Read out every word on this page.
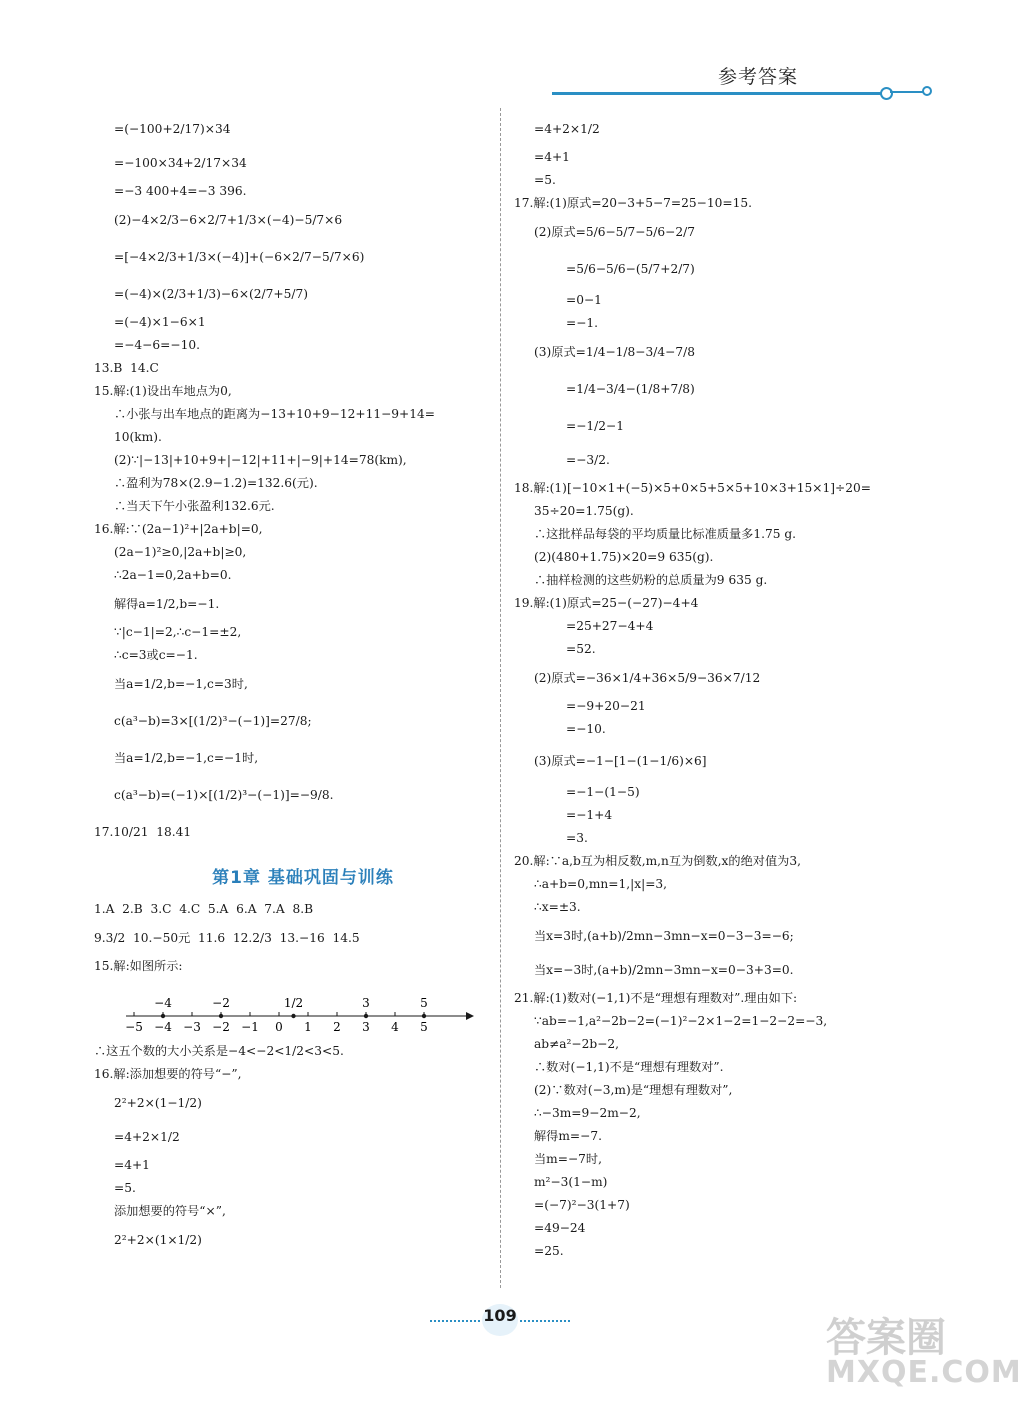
参考答案
=(−100+2/17)×34
=−100×34+2/17×34
=−3 400+4=−3 396.
(2)−4×2/3−6×2/7+1/3×(−4)−5/7×6
=[−4×2/3+1/3×(−4)]+(−6×2/7−5/7×6)
=(−4)×(2/3+1/3)−6×(2/7+5/7)
=(−4)×1−6×1
=−4−6=−10.
13.B  14.C
15.解:(1)设出车地点为0,
∴小张与出车地点的距离为−13+10+9−12+11−9+14=
10(km).
(2)∵|−13|+10+9+|−12|+11+|−9|+14=78(km),
∴盈利为78×(2.9−1.2)=132.6(元).
∴当天下午小张盈利132.6元.
16.解:∵(2a−1)²+|2a+b|=0,
(2a−1)²≥0,|2a+b|≥0,
∴2a−1=0,2a+b=0.
解得a=1/2,b=−1.
∵|c−1|=2,∴c−1=±2,
∴c=3或c=−1.
当a=1/2,b=−1,c=3时,
c(a³−b)=3×[(1/2)³−(−1)]=27/8;
当a=1/2,b=−1,c=−1时,
c(a³−b)=(−1)×[(1/2)³−(−1)]=−9/8.
17.10/21  18.41
第1章 基础巩固与训练
1.A  2.B  3.C  4.C  5.A  6.A  7.A  8.B
9.3/2  10.−50元  11.6  12.2/3  13.−16  14.5
15.解:如图所示:
−5 −4 −3 −2 −1 0 1 2 3 4 5
−4	−2	1/2	3	5
∴这五个数的大小关系是−4<−2<1/2<3<5.
16.解:添加想要的符号“−”,
2²+2×(1−1/2)
=4+2×1/2
=4+1
=5.
添加想要的符号“×”,
2²+2×(1×1/2)
=4+2×1/2
=4+1
=5.
17.解:(1)原式=20−3+5−7=25−10=15.
(2)原式=5/6−5/7−5/6−2/7
=5/6−5/6−(5/7+2/7)
=0−1
=−1.
(3)原式=1/4−1/8−3/4−7/8
=1/4−3/4−(1/8+7/8)
=−1/2−1
=−3/2.
18.解:(1)[−10×1+(−5)×5+0×5+5×5+10×3+15×1]÷20=
35÷20=1.75(g).
∴这批样品每袋的平均质量比标准质量多1.75 g.
(2)(480+1.75)×20=9 635(g).
∴抽样检测的这些奶粉的总质量为9 635 g.
19.解:(1)原式=25−(−27)−4+4
=25+27−4+4
=52.
(2)原式=−36×1/4+36×5/9−36×7/12
=−9+20−21
=−10.
(3)原式=−1−[1−(1−1/6)×6]
=−1−(1−5)
=−1+4
=3.
20.解:∵a,b互为相反数,m,n互为倒数,x的绝对值为3,
∴a+b=0,mn=1,|x|=3,
∴x=±3.
当x=3时,(a+b)/2mn−3mn−x=0−3−3=−6;
当x=−3时,(a+b)/2mn−3mn−x=0−3+3=0.
21.解:(1)数对(−1,1)不是“理想有理数对”.理由如下:
∵ab=−1,a²−2b−2=(−1)²−2×1−2=1−2−2=−3,
ab≠a²−2b−2,
∴数对(−1,1)不是“理想有理数对”.
(2)∵数对(−3,m)是“理想有理数对”,
∴−3m=9−2m−2,
解得m=−7.
当m=−7时,
m²−3(1−m)
=(−7)²−3(1+7)
=49−24
=25.
109	答案圈
MXQE.COM
